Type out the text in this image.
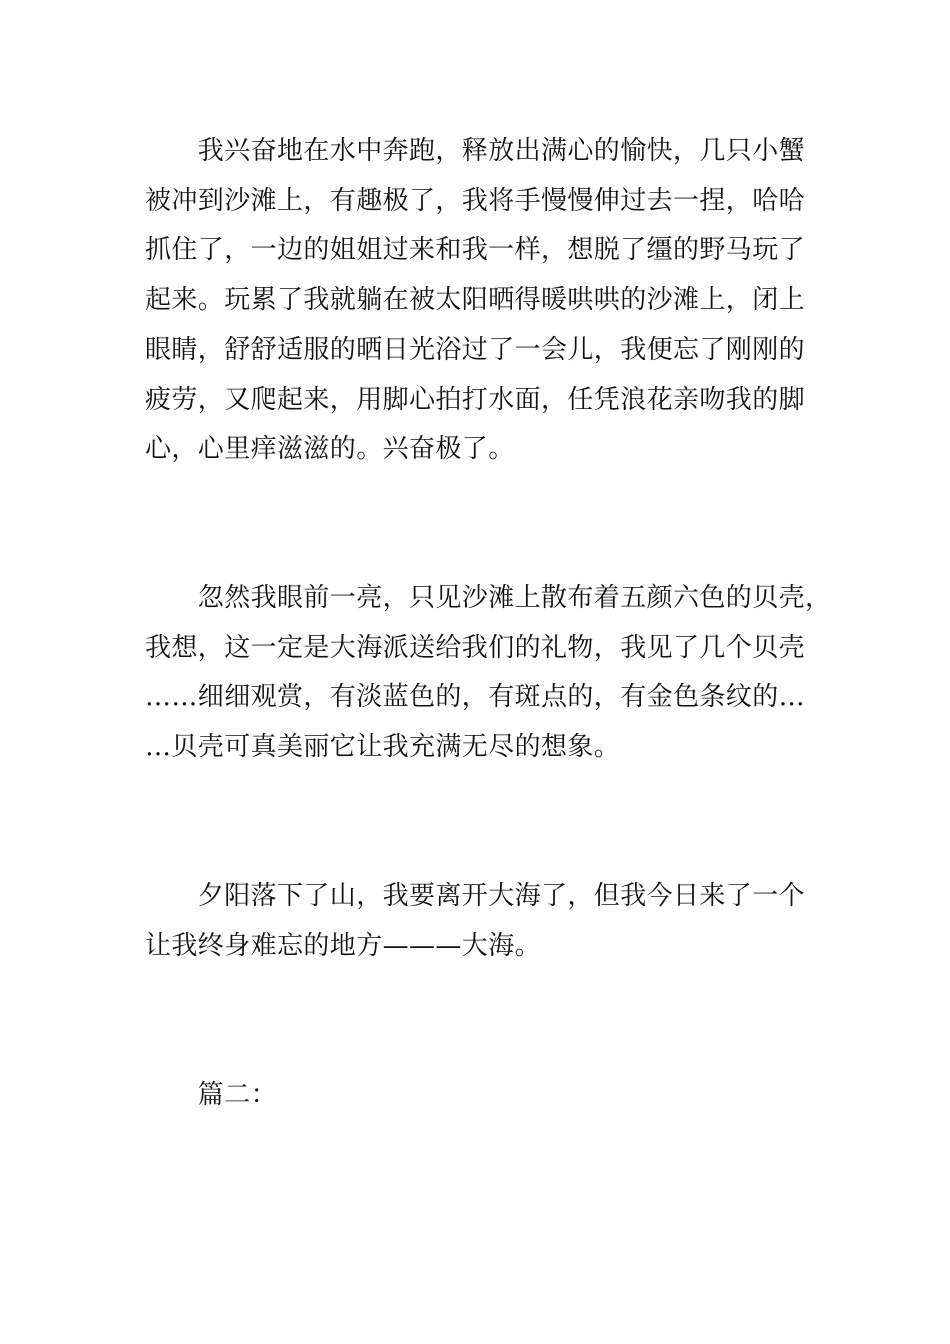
　　我兴奋地在水中奔跑，释放出满心的愉快，几只小蟹
被冲到沙滩上，有趣极了，我将手慢慢伸过去一捏，哈哈
抓住了，一边的姐姐过来和我一样，想脱了缰的野马玩了
起来。玩累了我就躺在被太阳晒得暖哄哄的沙滩上，闭上
眼睛，舒舒适服的晒日光浴过了一会儿，我便忘了刚刚的
疲劳，又爬起来，用脚心拍打水面，任凭浪花亲吻我的脚
心，心里痒滋滋的。兴奋极了。
　　忽然我眼前一亮，只见沙滩上散布着五颜六色的贝壳，
我想，这一定是大海派送给我们的礼物，我见了几个贝壳
……细细观赏，有淡蓝色的，有斑点的，有金色条纹的…
…贝壳可真美丽它让我充满无尽的想象。
　　夕阳落下了山，我要离开大海了，但我今日来了一个
让我终身难忘的地方———大海。
　　篇二：
